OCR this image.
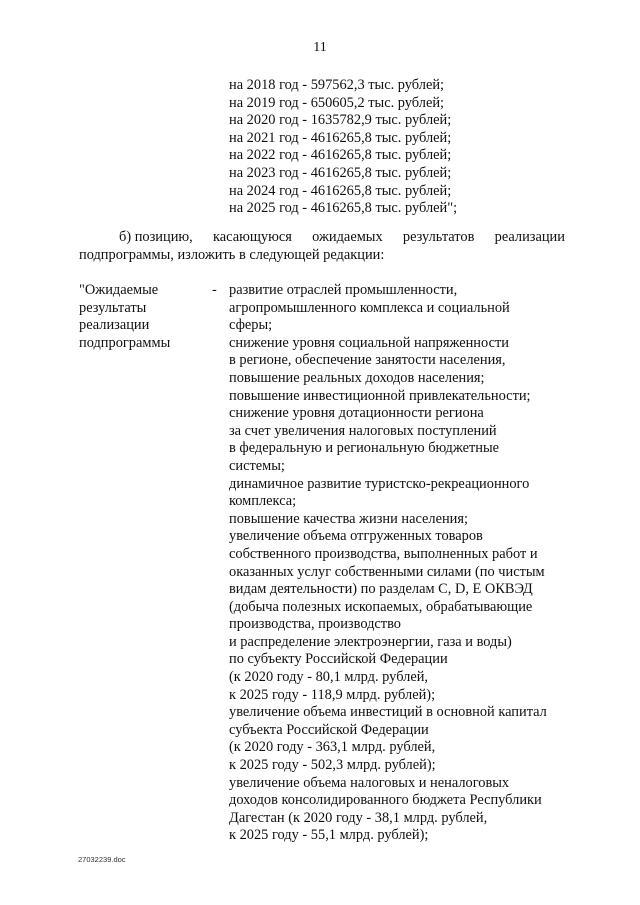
11
на 2018 год - 597562,3 тыс. рублей;
на 2019 год - 650605,2 тыс. рублей;
на 2020 год - 1635782,9 тыс. рублей;
на 2021 год - 4616265,8 тыс. рублей;
на 2022 год - 4616265,8 тыс. рублей;
на 2023 год - 4616265,8 тыс. рублей;
на 2024 год - 4616265,8 тыс. рублей;
на 2025 год - 4616265,8 тыс. рублей";
б) позицию, касающуюся ожидаемых результатов реализации
подпрограммы, изложить в следующей редакции:
"Ожидаемые
результаты
реализации
подпрограммы
- развитие отраслей промышленности,
агропромышленного комплекса и социальной
сферы;
снижение уровня социальной напряженности
в регионе, обеспечение занятости населения,
повышение реальных доходов населения;
повышение инвестиционной привлекательности;
снижение уровня дотационности региона
за счет увеличения налоговых поступлений
в федеральную и региональную бюджетные
системы;
динамичное развитие туристско-рекреационного
комплекса;
повышение качества жизни населения;
увеличение объема отгруженных товаров
собственного производства, выполненных работ и
оказанных услуг собственными силами (по чистым
видам деятельности) по разделам С, D, Е ОКВЭД
(добыча полезных ископаемых, обрабатывающие
производства, производство
и распределение электроэнергии, газа и воды)
по субъекту Российской Федерации
(к 2020 году - 80,1 млрд. рублей,
к 2025 году - 118,9 млрд. рублей);
увеличение объема инвестиций в основной капитал
субъекта Российской Федерации
(к 2020 году - 363,1 млрд. рублей,
к 2025 году - 502,3 млрд. рублей);
увеличение объема налоговых и неналоговых
доходов консолидированного бюджета Республики
Дагестан (к 2020 году - 38,1 млрд. рублей,
к 2025 году - 55,1 млрд. рублей);
27032239.doc
